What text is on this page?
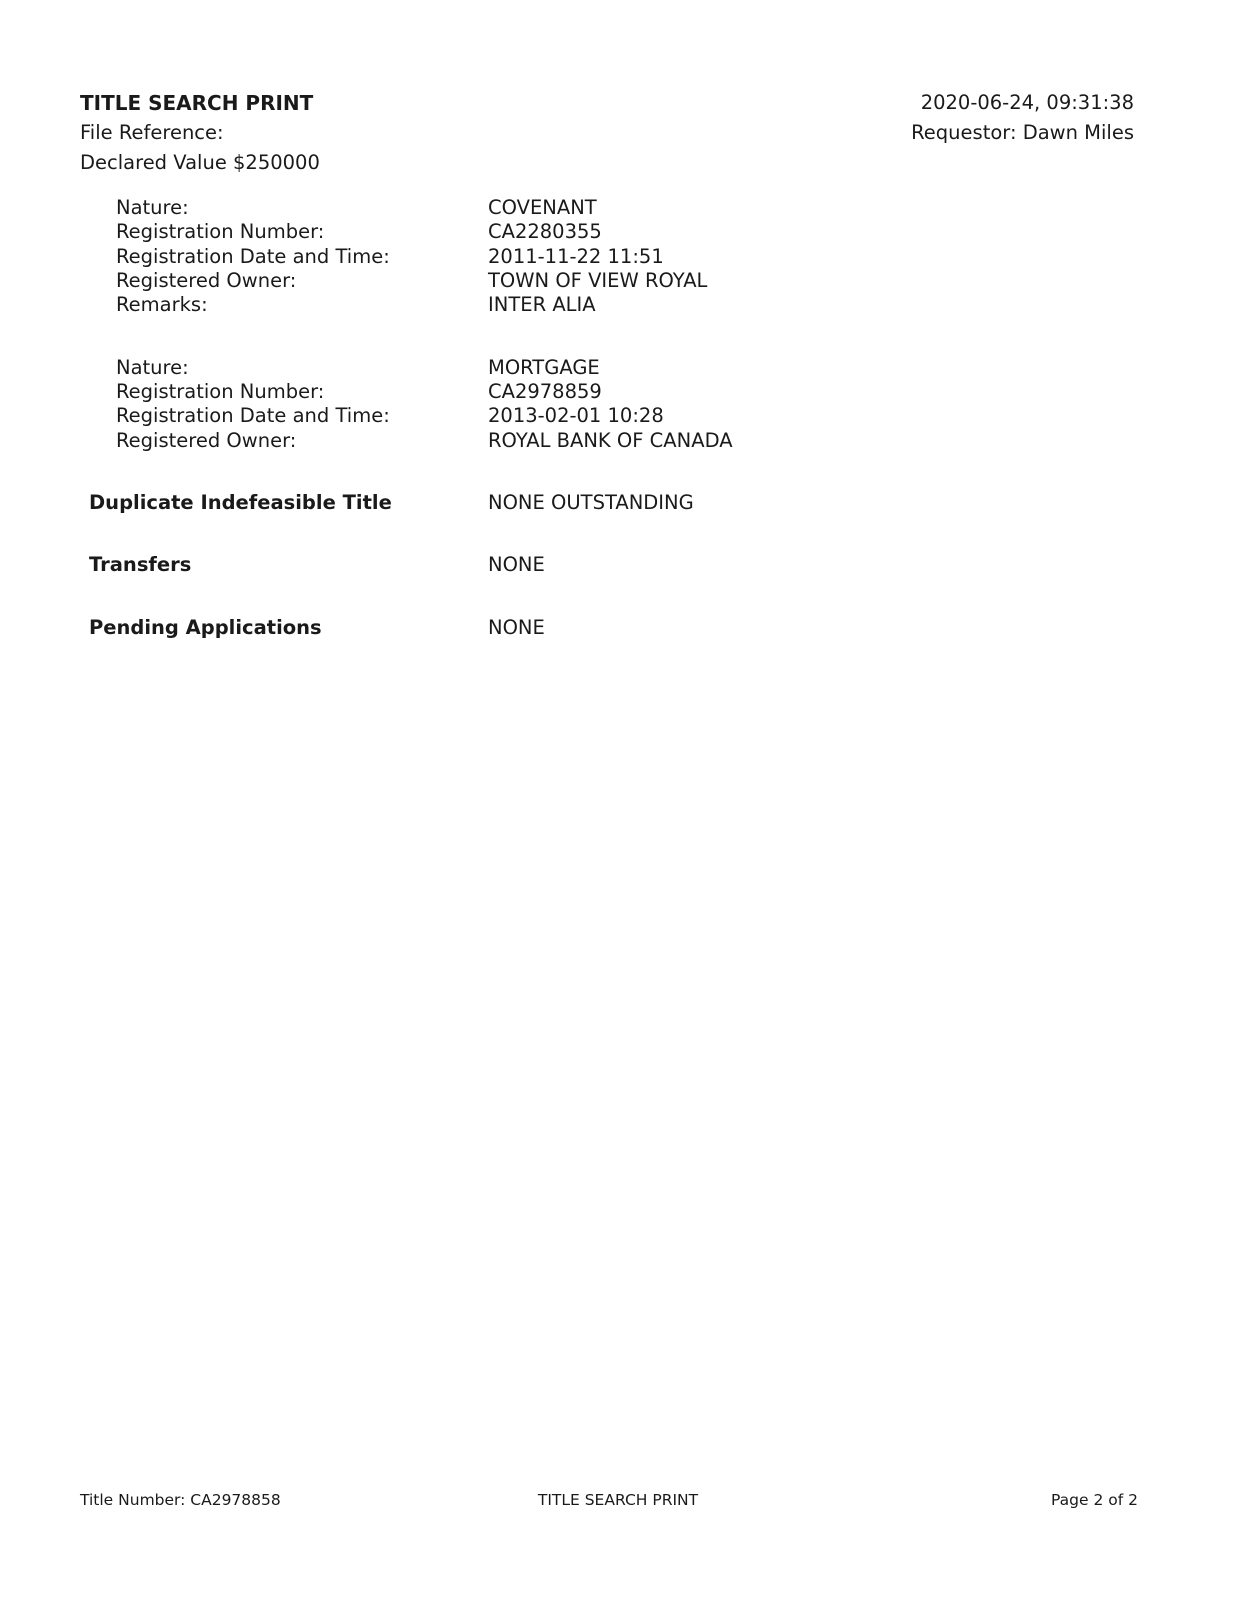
TITLE SEARCH PRINT
File Reference:
Declared Value $250000
2020-06-24, 09:31:38
Requestor: Dawn Miles
Nature:	COVENANT
Registration Number:	CA2280355
Registration Date and Time:	2011-11-22 11:51
Registered Owner:	TOWN OF VIEW ROYAL
Remarks:	INTER ALIA
Nature:	MORTGAGE
Registration Number:	CA2978859
Registration Date and Time:	2013-02-01 10:28
Registered Owner:	ROYAL BANK OF CANADA
Duplicate Indefeasible Title	NONE OUTSTANDING
Transfers	NONE
Pending Applications	NONE
Title Number: CA2978858	TITLE SEARCH PRINT	Page 2 of 2
